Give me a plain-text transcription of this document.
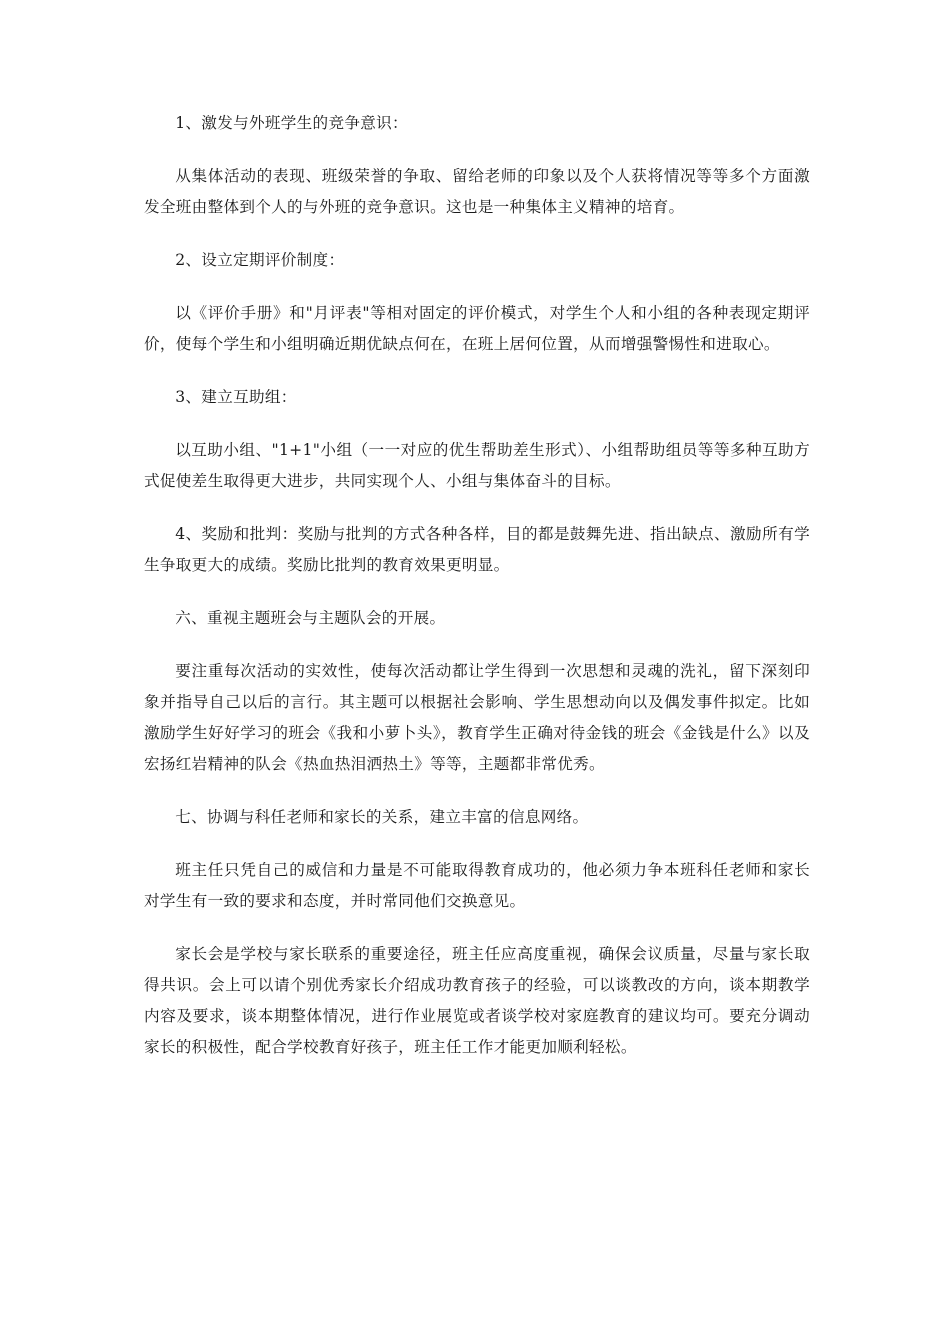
1、激发与外班学生的竞争意识：

从集体活动的表现、班级荣誉的争取、留给老师的印象以及个人获将情况等等多个方面激发全班由整体到个人的与外班的竞争意识。这也是一种集体主义精神的培育。

2、设立定期评价制度：

以《评价手册》和"月评表"等相对固定的评价模式，对学生个人和小组的各种表现定期评价，使每个学生和小组明确近期优缺点何在，在班上居何位置，从而增强警惕性和进取心。

3、建立互助组：

以互助小组、"1+1"小组（一一对应的优生帮助差生形式）、小组帮助组员等等多种互助方式促使差生取得更大进步，共同实现个人、小组与集体奋斗的目标。

4、奖励和批判：奖励与批判的方式各种各样，目的都是鼓舞先进、指出缺点、激励所有学生争取更大的成绩。奖励比批判的教育效果更明显。

六、重视主题班会与主题队会的开展。

要注重每次活动的实效性，使每次活动都让学生得到一次思想和灵魂的洗礼，留下深刻印象并指导自己以后的言行。其主题可以根据社会影响、学生思想动向以及偶发事件拟定。比如激励学生好好学习的班会《我和小萝卜头》，教育学生正确对待金钱的班会《金钱是什么》以及宏扬红岩精神的队会《热血热泪洒热土》等等，主题都非常优秀。

七、协调与科任老师和家长的关系，建立丰富的信息网络。

班主任只凭自己的威信和力量是不可能取得教育成功的，他必须力争本班科任老师和家长对学生有一致的要求和态度，并时常同他们交换意见。

家长会是学校与家长联系的重要途径，班主任应高度重视，确保会议质量，尽量与家长取得共识。会上可以请个别优秀家长介绍成功教育孩子的经验，可以谈教改的方向，谈本期教学内容及要求，谈本期整体情况，进行作业展览或者谈学校对家庭教育的建议均可。要充分调动家长的积极性，配合学校教育好孩子，班主任工作才能更加顺利轻松。
